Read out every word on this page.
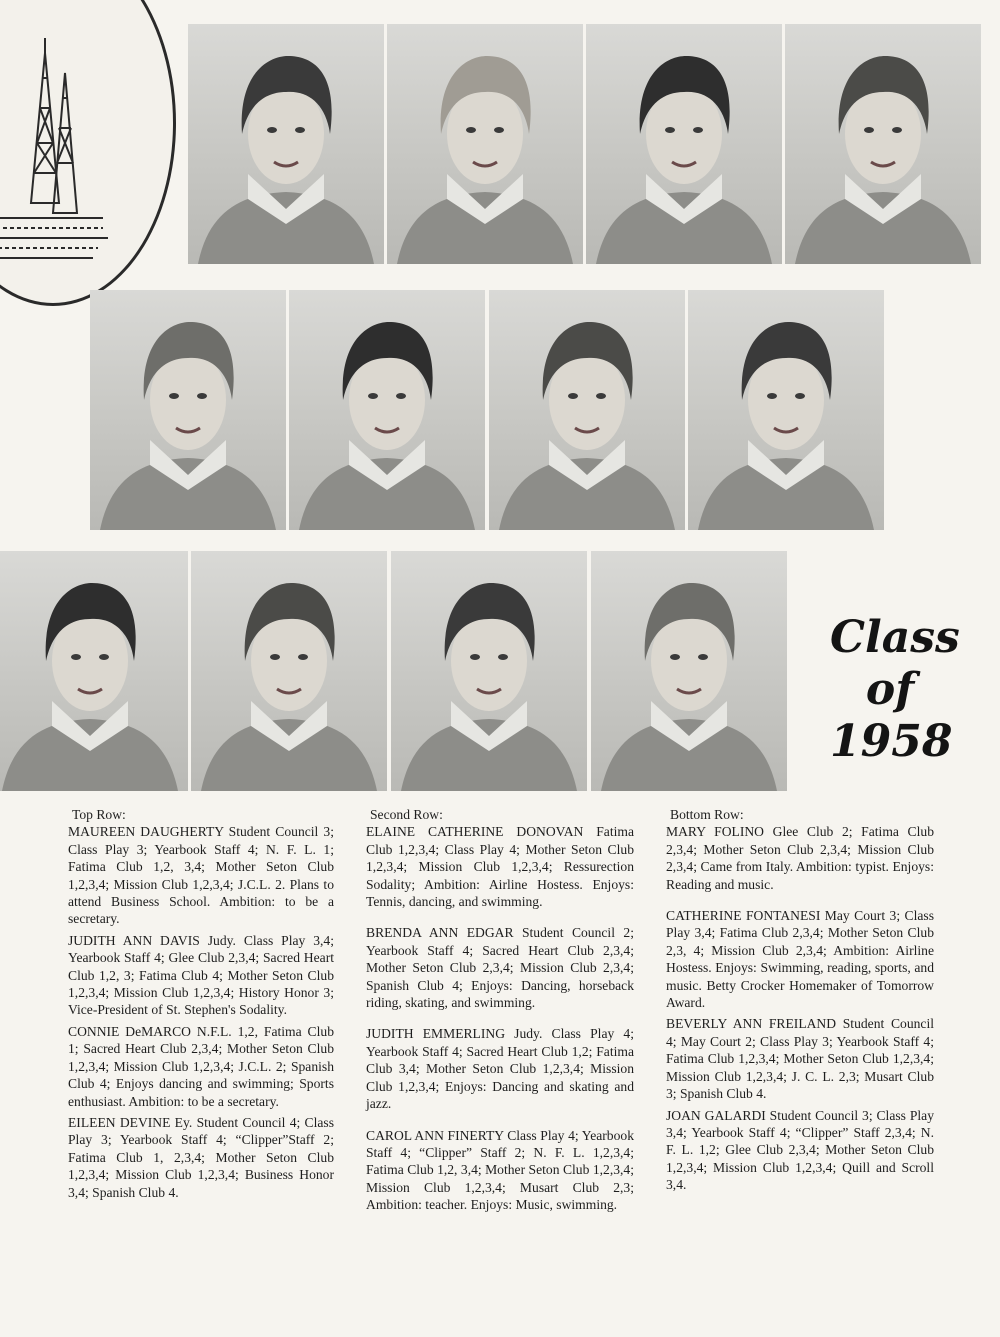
Class
of
1958
Top Row:
MAUREEN DAUGHERTY Student Council 3; Class Play 3; Yearbook Staff 4; N. F. L. 1; Fatima Club 1,2, 3,4; Mother Seton Club 1,2,3,4; Mission Club 1,2,3,4; J.C.L. 2. Plans to attend Business School. Ambition: to be a secretary.
JUDITH ANN DAVIS Judy. Class Play 3,4; Yearbook Staff 4; Glee Club 2,3,4; Sacred Heart Club 1,2, 3; Fatima Club 4; Mother Seton Club 1,2,3,4; Mission Club 1,2,3,4; History Honor 3; Vice-President of St. Stephen's Sodality.
CONNIE DeMARCO N.F.L. 1,2, Fatima Club 1; Sacred Heart Club 2,3,4; Mother Seton Club 1,2,3,4; Mission Club 1,2,3,4; J.C.L. 2; Spanish Club 4; Enjoys dancing and swimming; Sports enthusiast. Ambition: to be a secretary.
EILEEN DEVINE Ey. Student Council 4; Class Play 3; Yearbook Staff 4; “Clipper”Staff 2; Fatima Club 1, 2,3,4; Mother Seton Club 1,2,3,4; Mission Club 1,2,3,4; Business Honor 3,4; Spanish Club 4.
Second Row:
ELAINE CATHERINE DONOVAN Fatima Club 1,2,3,4; Class Play 4; Mother Seton Club 1,2,3,4; Mission Club 1,2,3,4; Ressurection Sodality; Ambition: Airline Hostess. Enjoys: Tennis, dancing, and swimming.
BRENDA ANN EDGAR Student Council 2; Yearbook Staff 4; Sacred Heart Club 2,3,4; Mother Seton Club 2,3,4; Mission Club 2,3,4; Spanish Club 4; Enjoys: Dancing, horseback riding, skating, and swimming.
JUDITH EMMERLING Judy. Class Play 4; Yearbook Staff 4; Sacred Heart Club 1,2; Fatima Club 3,4; Mother Seton Club 1,2,3,4; Mission Club 1,2,3,4; Enjoys: Dancing and skating and jazz.
CAROL ANN FINERTY Class Play 4; Yearbook Staff 4; “Clipper” Staff 2; N. F. L. 1,2,3,4; Fatima Club 1,2, 3,4; Mother Seton Club 1,2,3,4; Mission Club 1,2,3,4; Musart Club 2,3; Ambition: teacher. Enjoys: Music, swimming.
Bottom Row:
MARY FOLINO Glee Club 2; Fatima Club 2,3,4; Mother Seton Club 2,3,4; Mission Club 2,3,4; Came from Italy. Ambition: typist. Enjoys: Reading and music.
CATHERINE FONTANESI May Court 3; Class Play 3,4; Fatima Club 2,3,4; Mother Seton Club 2,3, 4; Mission Club 2,3,4; Ambition: Airline Hostess. Enjoys: Swimming, reading, sports, and music. Betty Crocker Homemaker of Tomorrow Award.
BEVERLY ANN FREILAND Student Council 4; May Court 2; Class Play 3; Yearbook Staff 4; Fatima Club 1,2,3,4; Mother Seton Club 1,2,3,4; Mission Club 1,2,3,4; J. C. L. 2,3; Musart Club 3; Spanish Club 4.
JOAN GALARDI Student Council 3; Class Play 3,4; Yearbook Staff 4; “Clipper” Staff 2,3,4; N. F. L. 1,2; Glee Club 2,3,4; Mother Seton Club 1,2,3,4; Mission Club 1,2,3,4; Quill and Scroll 3,4.
